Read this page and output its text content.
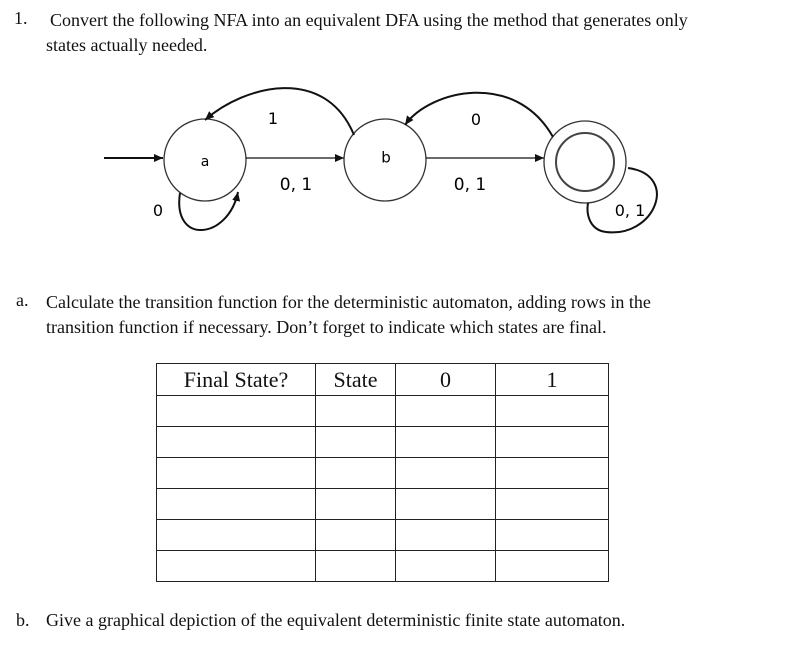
1. Convert the following NFA into an equivalent DFA using the method that generates only

states actually needed.
a	b
0, 1	0, 1
1	0
0	0, 1
a. Calculate the transition function for the deterministic automaton, adding rows in the
transition function if necessary. Don’t forget to indicate which states are final.
Final State?	State	0	1

b. Give a graphical depiction of the equivalent deterministic finite state automaton.
